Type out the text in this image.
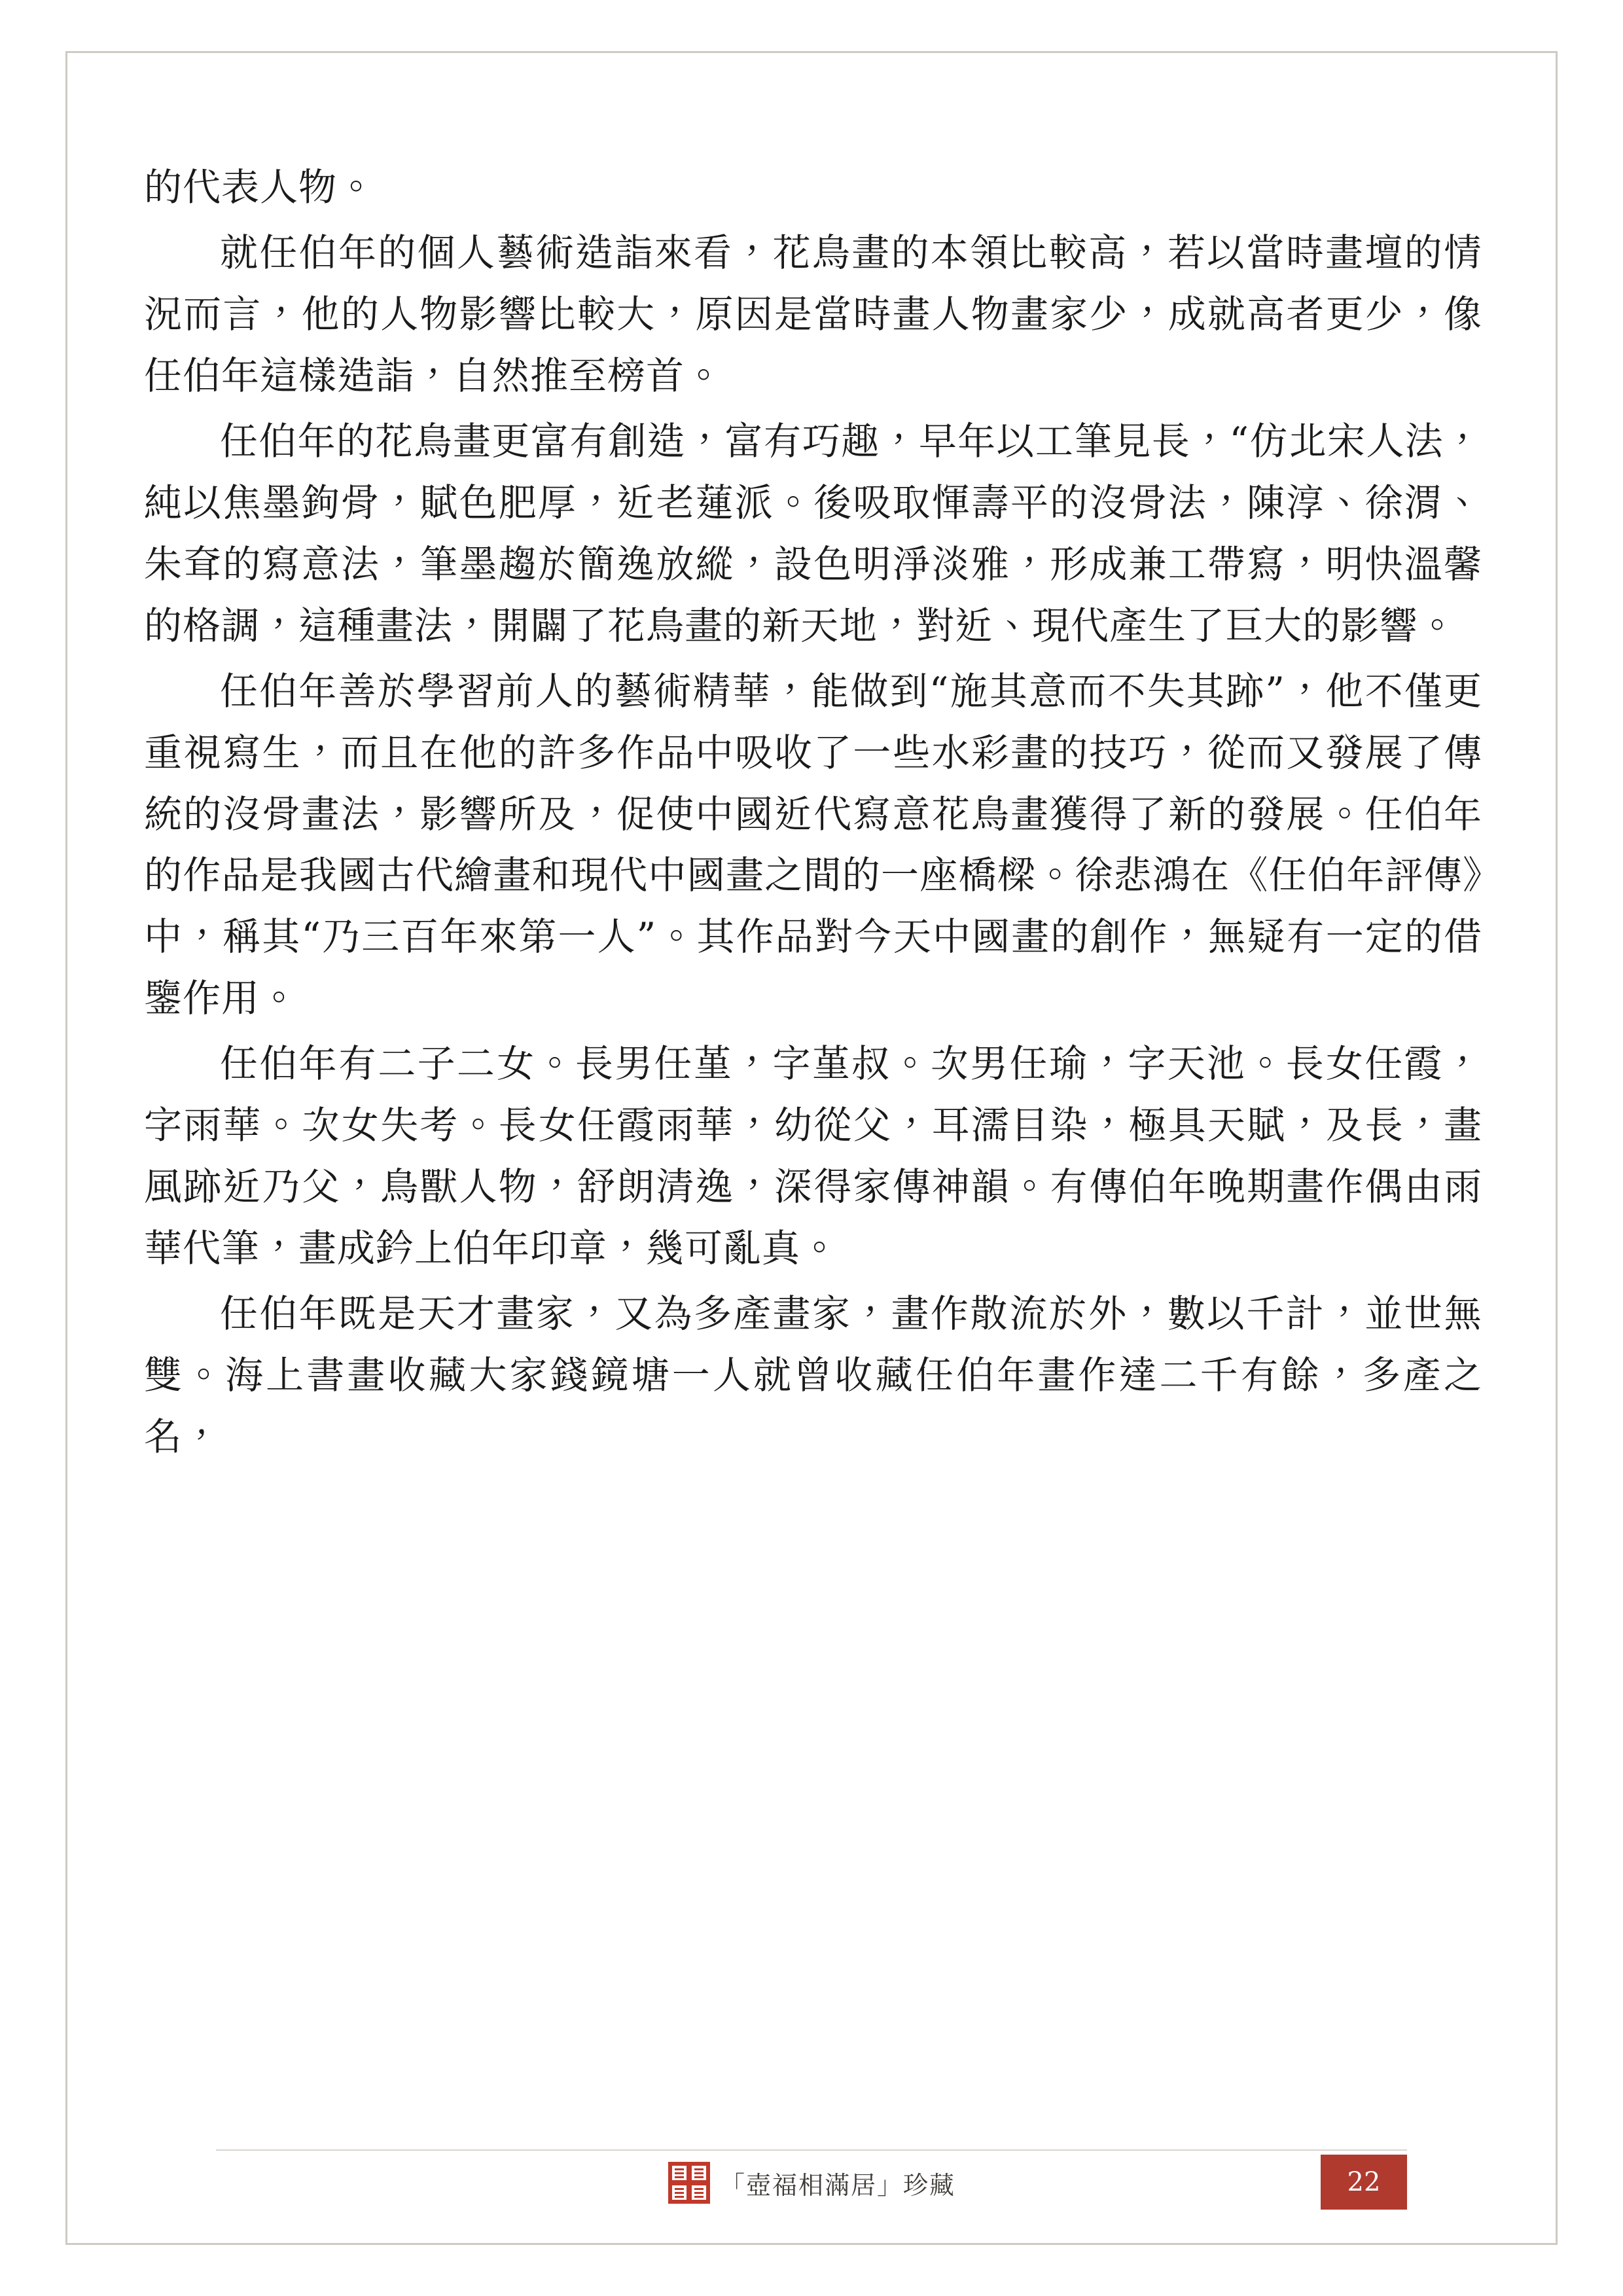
的代表人物。

就任伯年的個人藝術造詣來看，花鳥畫的本領比較高，若以當時畫壇的情況而言，他的人物影響比較大，原因是當時畫人物畫家少，成就高者更少，像任伯年這樣造詣，自然推至榜首。

任伯年的花鳥畫更富有創造，富有巧趣，早年以工筆見長，“仿北宋人法，純以焦墨鉤骨，賦色肥厚，近老蓮派。後吸取惲壽平的沒骨法，陳淳、徐渭、朱耷的寫意法，筆墨趨於簡逸放縱，設色明淨淡雅，形成兼工帶寫，明快溫馨的格調，這種畫法，開闢了花鳥畫的新天地，對近、現代產生了巨大的影響。

任伯年善於學習前人的藝術精華，能做到“施其意而不失其跡”，他不僅更重視寫生，而且在他的許多作品中吸收了一些水彩畫的技巧，從而又發展了傳統的沒骨畫法，影響所及，促使中國近代寫意花鳥畫獲得了新的發展。任伯年的作品是我國古代繪畫和現代中國畫之間的一座橋樑。徐悲鴻在《任伯年評傳》中，稱其“乃三百年來第一人”。其作品對今天中國畫的創作，無疑有一定的借鑒作用。

任伯年有二子二女。長男任堇，字堇叔。次男任瑜，字天池。長女任霞，字雨華。次女失考。長女任霞雨華，幼從父，耳濡目染，極具天賦，及長，畫風跡近乃父，鳥獸人物，舒朗清逸，深得家傳神韻。有傳伯年晚期畫作偶由雨華代筆，畫成鈐上伯年印章，幾可亂真。

任伯年既是天才畫家，又為多產畫家，畫作散流於外，數以千計，並世無雙。海上書畫收藏大家錢鏡塘一人就曾收藏任伯年畫作達二千有餘，多產之名，

「壺福相滿居」珍藏	22
